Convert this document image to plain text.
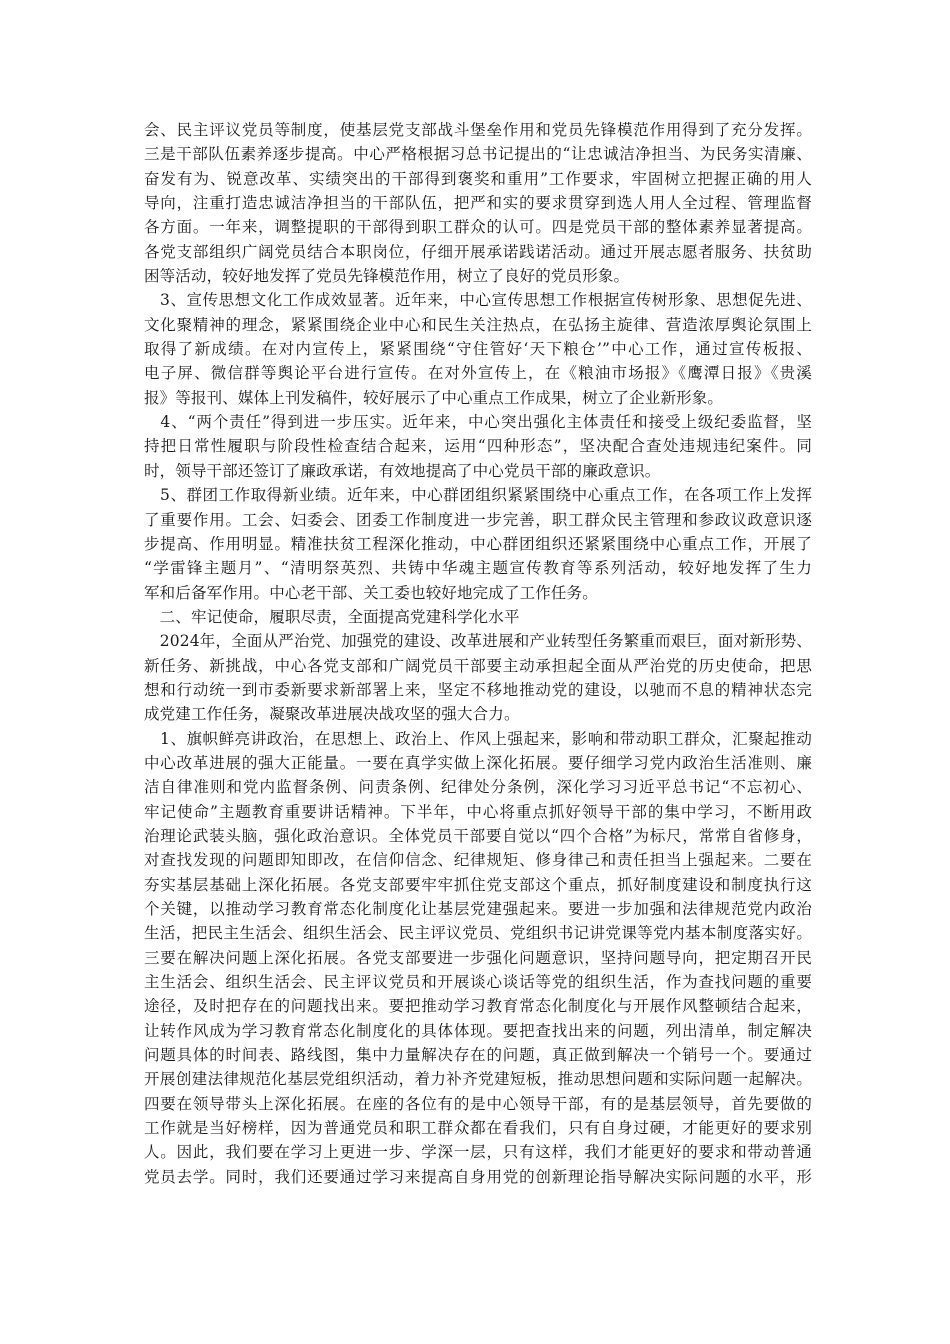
会、民主评议党员等制度，使基层党支部战斗堡垒作用和党员先锋模范作用得到了充分发挥。
三是干部队伍素养逐步提高。中心严格根据习总书记提出的“让忠诚洁净担当、为民务实清廉、
奋发有为、锐意改革、实绩突出的干部得到褒奖和重用”工作要求，牢固树立把握正确的用人
导向，注重打造忠诚洁净担当的干部队伍，把严和实的要求贯穿到选人用人全过程、管理监督
各方面。一年来，调整提职的干部得到职工群众的认可。四是党员干部的整体素养显著提高。
各党支部组织广阔党员结合本职岗位，仔细开展承诺践诺活动。通过开展志愿者服务、扶贫助
困等活动，较好地发挥了党员先锋模范作用，树立了良好的党员形象。
　3、宣传思想文化工作成效显著。近年来，中心宣传思想工作根据宣传树形象、思想促先进、
文化聚精神的理念，紧紧围绕企业中心和民生关注热点，在弘扬主旋律、营造浓厚舆论氛围上
取得了新成绩。在对内宣传上，紧紧围绕“守住管好‘天下粮仓’”中心工作，通过宣传板报、
电子屏、微信群等舆论平台进行宣传。在对外宣传上，在《粮油市场报》《鹰潭日报》《贵溪
报》等报刊、媒体上刊发稿件，较好展示了中心重点工作成果，树立了企业新形象。
　4、“两个责任”得到进一步压实。近年来，中心突出强化主体责任和接受上级纪委监督，坚
持把日常性履职与阶段性检查结合起来，运用“四种形态”，坚决配合查处违规违纪案件。同
时，领导干部还签订了廉政承诺，有效地提高了中心党员干部的廉政意识。
　5、群团工作取得新业绩。近年来，中心群团组织紧紧围绕中心重点工作，在各项工作上发挥
了重要作用。工会、妇委会、团委工作制度进一步完善，职工群众民主管理和参政议政意识逐
步提高、作用明显。精准扶贫工程深化推动，中心群团组织还紧紧围绕中心重点工作，开展了
“学雷锋主题月”、“清明祭英烈、共铸中华魂主题宣传教育等系列活动，较好地发挥了生力
军和后备军作用。中心老干部、关工委也较好地完成了工作任务。
　二、牢记使命，履职尽责，全面提高党建科学化水平
　2024年，全面从严治党、加强党的建设、改革进展和产业转型任务繁重而艰巨，面对新形势、
新任务、新挑战，中心各党支部和广阔党员干部要主动承担起全面从严治党的历史使命，把思
想和行动统一到市委新要求新部署上来，坚定不移地推动党的建设，以驰而不息的精神状态完
成党建工作任务，凝聚改革进展决战攻坚的强大合力。
　1、旗帜鲜亮讲政治，在思想上、政治上、作风上强起来，影响和带动职工群众，汇聚起推动
中心改革进展的强大正能量。一要在真学实做上深化拓展。要仔细学习党内政治生活准则、廉
洁自律准则和党内监督条例、问责条例、纪律处分条例，深化学习习近平总书记“不忘初心、
牢记使命”主题教育重要讲话精神。下半年，中心将重点抓好领导干部的集中学习，不断用政
治理论武装头脑，强化政治意识。全体党员干部要自觉以“四个合格”为标尺，常常自省修身，
对查找发现的问题即知即改，在信仰信念、纪律规矩、修身律己和责任担当上强起来。二要在
夯实基层基础上深化拓展。各党支部要牢牢抓住党支部这个重点，抓好制度建设和制度执行这
个关键，以推动学习教育常态化制度化让基层党建强起来。要进一步加强和法律规范党内政治
生活，把民主生活会、组织生活会、民主评议党员、党组织书记讲党课等党内基本制度落实好。
三要在解决问题上深化拓展。各党支部要进一步强化问题意识，坚持问题导向，把定期召开民
主生活会、组织生活会、民主评议党员和开展谈心谈话等党的组织生活，作为查找问题的重要
途径，及时把存在的问题找出来。要把推动学习教育常态化制度化与开展作风整顿结合起来，
让转作风成为学习教育常态化制度化的具体体现。要把查找出来的问题，列出清单，制定解决
问题具体的时间表、路线图，集中力量解决存在的问题，真正做到解决一个销号一个。要通过
开展创建法律规范化基层党组织活动，着力补齐党建短板，推动思想问题和实际问题一起解决。
四要在领导带头上深化拓展。在座的各位有的是中心领导干部，有的是基层领导，首先要做的
工作就是当好榜样，因为普通党员和职工群众都在看我们，只有自身过硬，才能更好的要求别
人。因此，我们要在学习上更进一步、学深一层，只有这样，我们才能更好的要求和带动普通
党员去学。同时，我们还要通过学习来提高自身用党的创新理论指导解决实际问题的水平，形
